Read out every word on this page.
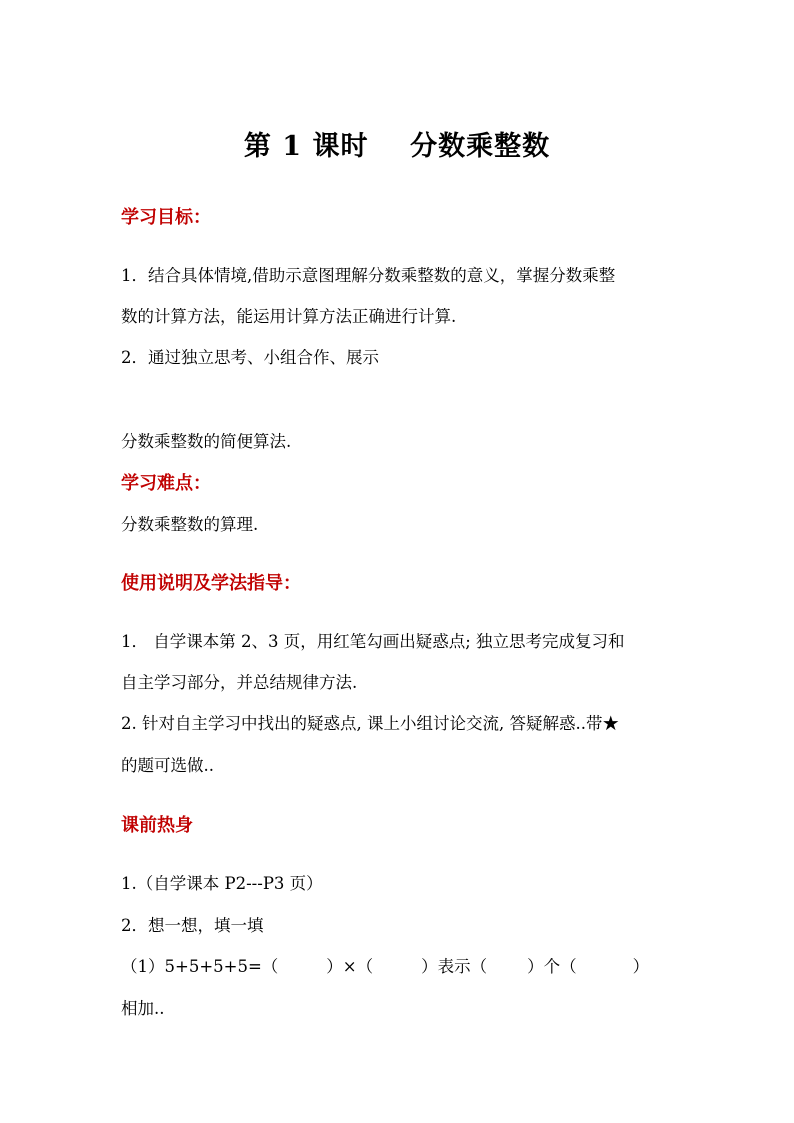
第 1 课时    分数乘整数
学习目标：
1．结合具体情境,借助示意图理解分数乘整数的意义，掌握分数乘整
数的计算方法，能运用计算方法正确进行计算.
2．通过独立思考、小组合作、展示
分数乘整数的简便算法.
学习难点：
分数乘整数的算理.
使用说明及学法指导：
1． 自学课本第 2、3 页，用红笔勾画出疑惑点; 独立思考完成复习和
自主学习部分，并总结规律方法.
2. 针对自主学习中找出的疑惑点, 课上小组讨论交流, 答疑解惑..带★
的题可选做..
课前热身
1.（自学课本 P2---P3 页）
2．想一想，填一填
（1）5+5+5+5=（	）×（	）表示（ ）个（	）
相加..
